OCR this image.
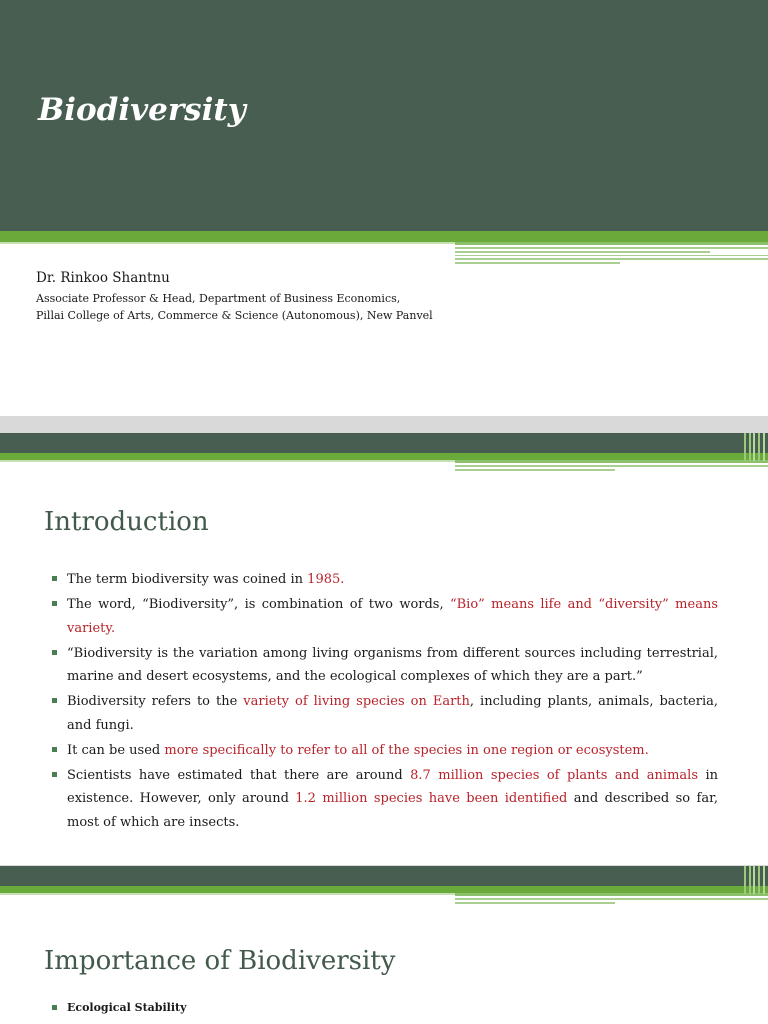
Biodiversity
Dr. Rinkoo Shantnu
Associate Professor & Head, Department of Business Economics,
Pillai College of Arts, Commerce & Science (Autonomous), New Panvel
Introduction
The term biodiversity was coined in 1985.
The word, “Biodiversity”, is combination of two words, “Bio” means life and “diversity” means variety.
“Biodiversity is the variation among living organisms from different sources including terrestrial, marine and desert ecosystems, and the ecological complexes of which they are a part.”
Biodiversity refers to the variety of living species on Earth, including plants, animals, bacteria, and fungi.
It can be used more specifically to refer to all of the species in one region or ecosystem.
Scientists have estimated that there are around 8.7 million species of plants and animals in existence. However, only around 1.2 million species have been identified and described so far, most of which are insects.
Importance of Biodiversity
Ecological Stability
